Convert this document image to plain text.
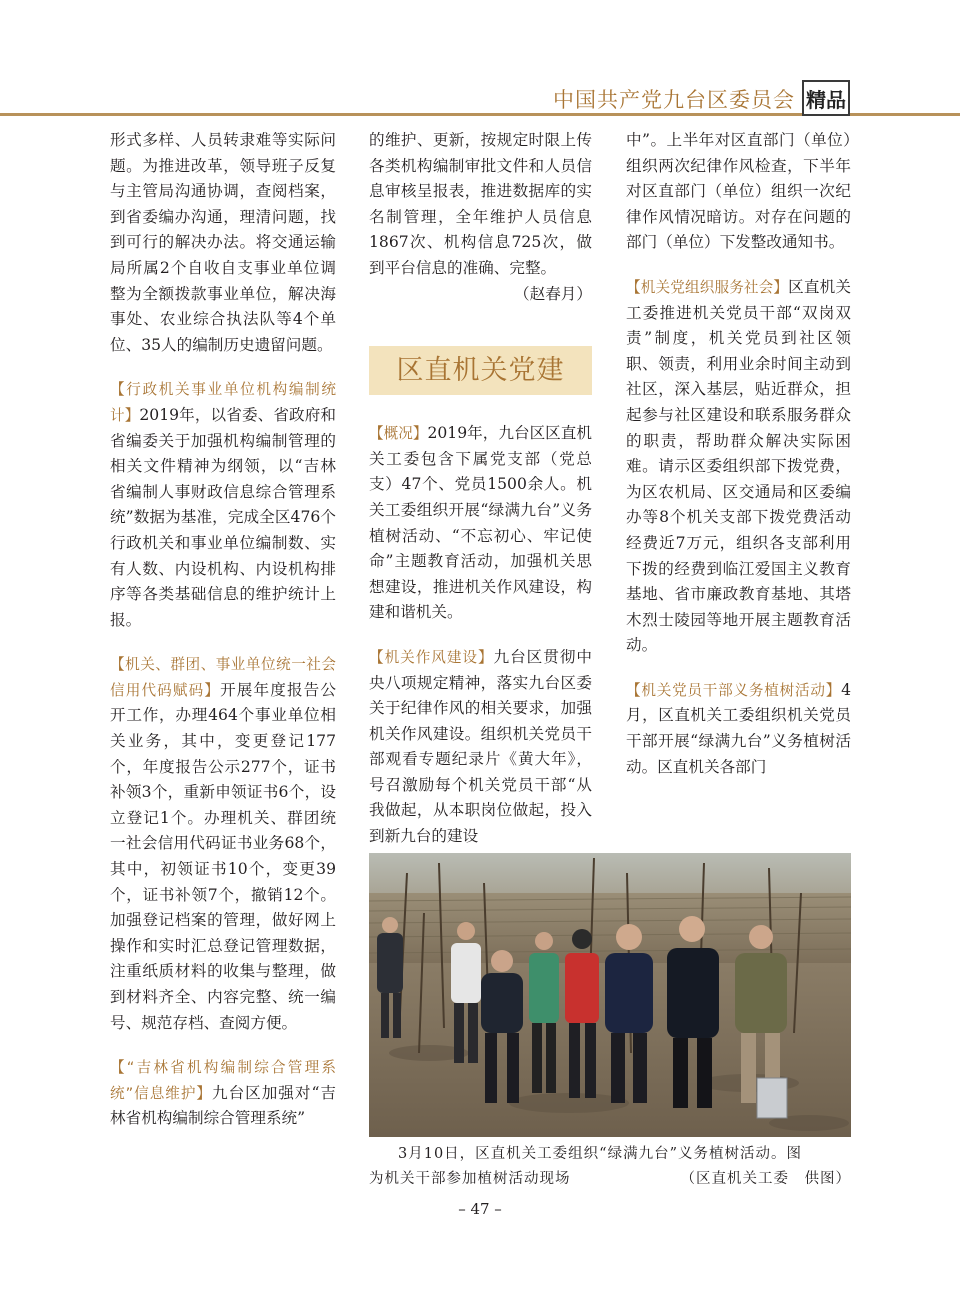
中国共产党九台区委员会 精品

形式多样、人员转隶难等实际问题。为推进改革，领导班子反复与主管局沟通协调，查阅档案，到省委编办沟通，理清问题，找到可行的解决办法。将交通运输局所属2个自收自支事业单位调整为全额拨款事业单位，解决海事处、农业综合执法队等4个单位、35人的编制历史遗留问题。

【行政机关事业单位机构编制统计】2019年，以省委、省政府和省编委关于加强机构编制管理的相关文件精神为纲领，以“吉林省编制人事财政信息综合管理系统”数据为基准，完成全区476个行政机关和事业单位编制数、实有人数、内设机构、内设机构排序等各类基础信息的维护统计上报。

【机关、群团、事业单位统一社会信用代码赋码】开展年度报告公开工作，办理464个事业单位相关业务，其中，变更登记177个，年度报告公示277个，证书补领3个，重新申领证书6个，设立登记1个。办理机关、群团统一社会信用代码证书业务68个，其中，初领证书10个，变更39个，证书补领7个，撤销12个。加强登记档案的管理，做好网上操作和实时汇总登记管理数据，注重纸质材料的收集与整理，做到材料齐全、内容完整、统一编号、规范存档、查阅方便。

【“吉林省机构编制综合管理系统”信息维护】九台区加强对“吉林省机构编制综合管理系统”

的维护、更新，按规定时限上传各类机构编制审批文件和人员信息审核呈报表，推进数据库的实名制管理，全年维护人员信息1867次、机构信息725次，做到平台信息的准确、完整。

（赵春月）

区直机关党建

【概况】2019年，九台区区直机关工委包含下属党支部（党总支）47个、党员1500余人。机关工委组织开展“绿满九台”义务植树活动、“不忘初心、牢记使命”主题教育活动，加强机关思想建设，推进机关作风建设，构建和谐机关。

【机关作风建设】九台区贯彻中央八项规定精神，落实九台区委关于纪律作风的相关要求，加强机关作风建设。组织机关党员干部观看专题纪录片《黄大年》，号召激励每个机关党员干部“从我做起，从本职岗位做起，投入到新九台的建设

中”。上半年对区直部门（单位）组织两次纪律作风检查，下半年对区直部门（单位）组织一次纪律作风情况暗访。对存在问题的部门（单位）下发整改通知书。

【机关党组织服务社会】区直机关工委推进机关党员干部“双岗双责”制度，机关党员到社区领职、领责，利用业余时间主动到社区，深入基层，贴近群众，担起参与社区建设和联系服务群众的职责，帮助群众解决实际困难。请示区委组织部下拨党费，为区农机局、区交通局和区委编办等8个机关支部下拨党费活动经费近7万元，组织各支部利用下拨的经费到临江爱国主义教育基地、省市廉政教育基地、其塔木烈士陵园等地开展主题教育活动。

【机关党员干部义务植树活动】4月，区直机关工委组织机关党员干部开展“绿满九台”义务植树活动。区直机关各部门

3月10日，区直机关工委组织“绿满九台”义务植树活动。图
为机关干部参加植树活动现场	（区直机关工委　供图）
– 47 –
